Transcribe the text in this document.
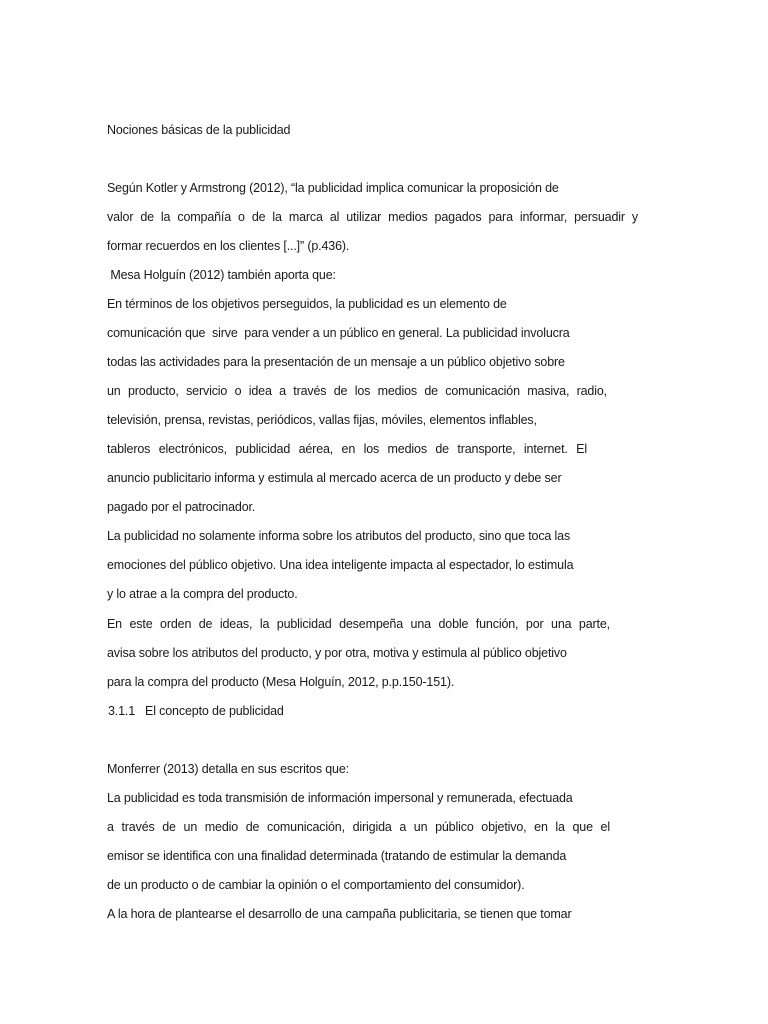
Nociones básicas de la publicidad
Según Kotler y Armstrong (2012), “la publicidad implica comunicar la proposición de
valor de la compañía o de la marca al utilizar medios pagados para informar, persuadir y
formar recuerdos en los clientes [...]” (p.436).
Mesa Holguín (2012) también aporta que:
En términos de los objetivos perseguidos, la publicidad es un elemento de
comunicación que  sirve  para vender a un público en general. La publicidad involucra
todas las actividades para la presentación de un mensaje a un público objetivo sobre
un producto, servicio o idea a través de los medios de comunicación masiva, radio,
televisión, prensa, revistas, periódicos, vallas fijas, móviles, elementos inflables,
tableros electrónicos, publicidad aérea, en los medios de transporte, internet. El
anuncio publicitario informa y estimula al mercado acerca de un producto y debe ser
pagado por el patrocinador.
La publicidad no solamente informa sobre los atributos del producto, sino que toca las
emociones del público objetivo. Una idea inteligente impacta al espectador, lo estimula
y lo atrae a la compra del producto.
En este orden de ideas, la publicidad desempeña una doble función, por una parte,
avisa sobre los atributos del producto, y por otra, motiva y estimula al público objetivo
para la compra del producto (Mesa Holguín, 2012, p.p.150-151).
3.1.1   El concepto de publicidad
Monferrer (2013) detalla en sus escritos que:
La publicidad es toda transmisión de información impersonal y remunerada, efectuada
a través de un medio de comunicación, dirigida a un público objetivo, en la que el
emisor se identifica con una finalidad determinada (tratando de estimular la demanda
de un producto o de cambiar la opinión o el comportamiento del consumidor).
A la hora de plantearse el desarrollo de una campaña publicitaria, se tienen que tomar
